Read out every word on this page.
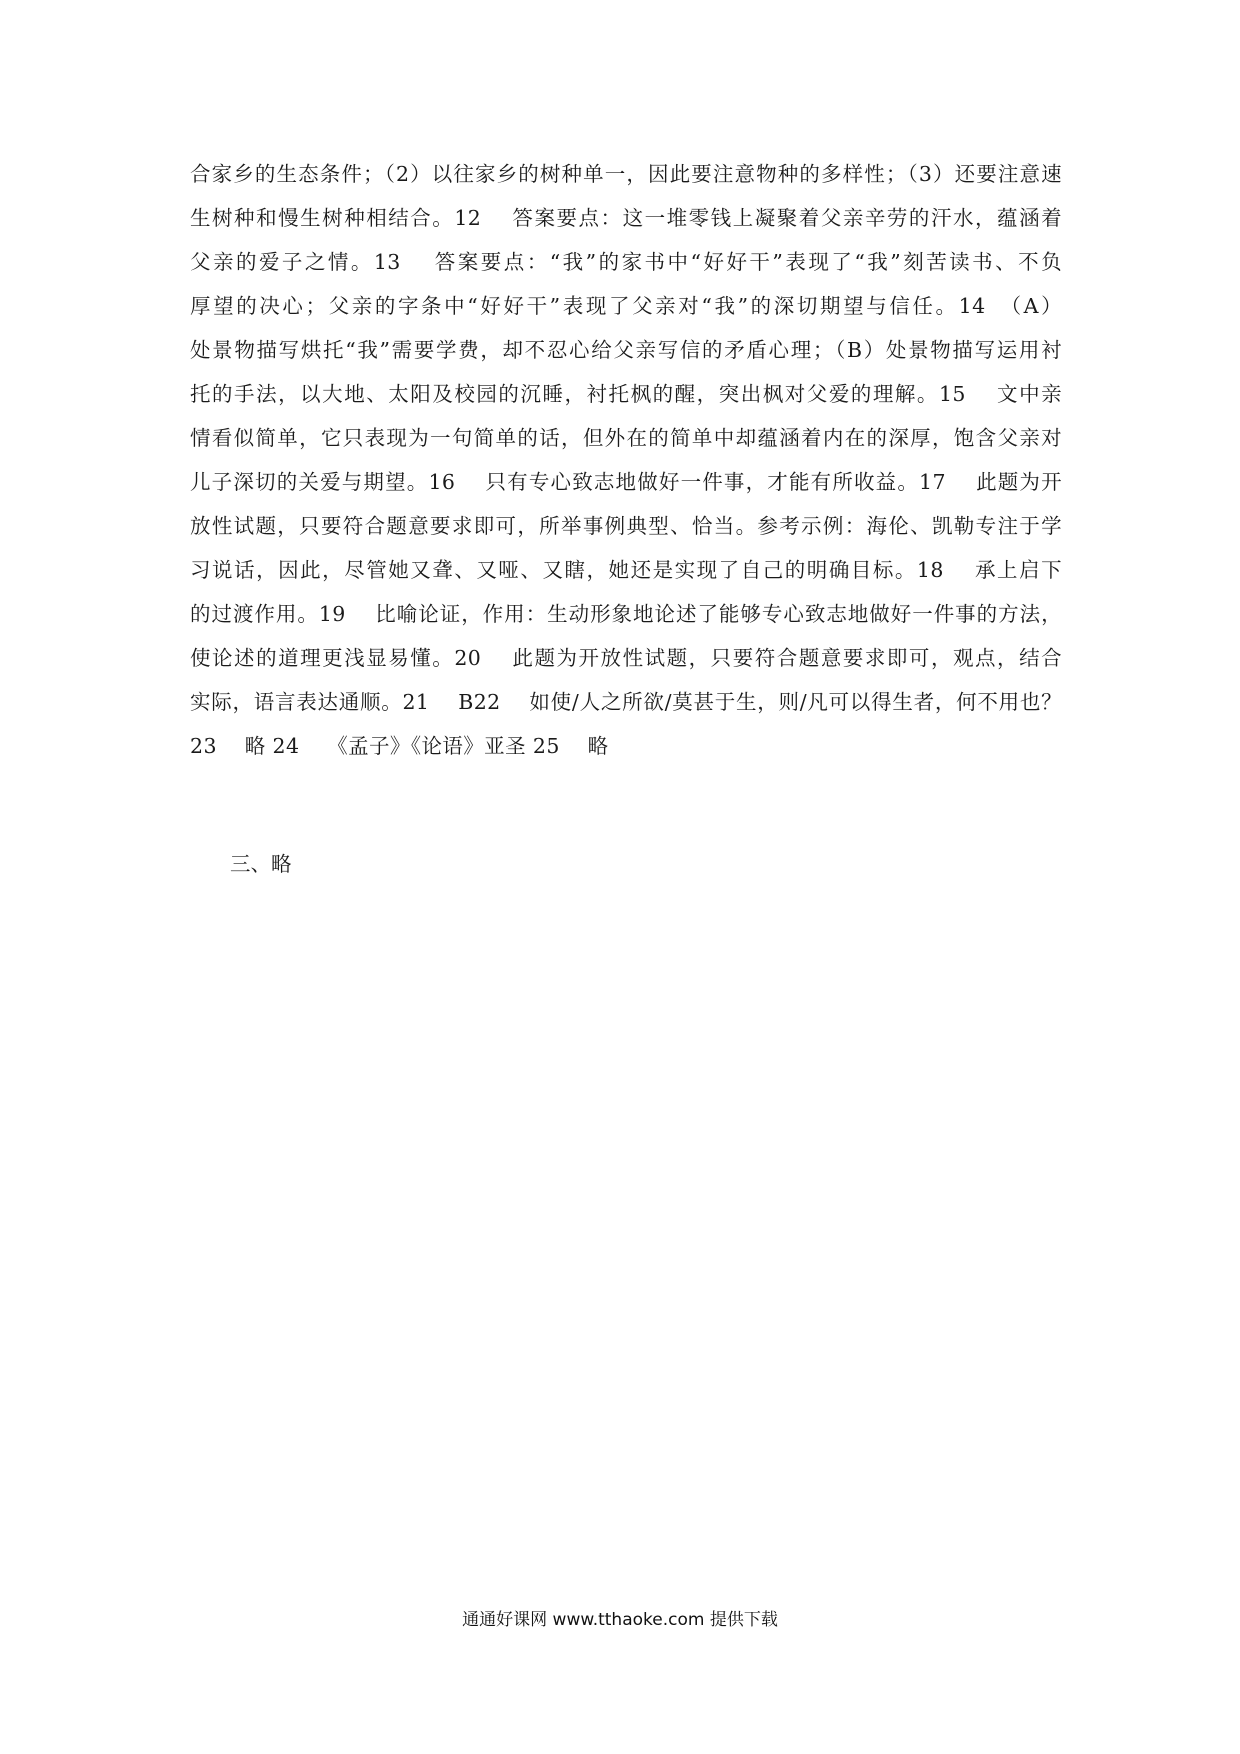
合家乡的生态条件；（2）以往家乡的树种单一，因此要注意物种的多样性；（3）还要注意速
生树种和慢生树种相结合。12　 答案要点：这一堆零钱上凝聚着父亲辛劳的汗水，蕴涵着
父亲的爱子之情。13　 答案要点：“我”的家书中“好好干”表现了“我”刻苦读书、不负
厚望的决心；父亲的字条中“好好干”表现了父亲对“我”的深切期望与信任。14　（A）
处景物描写烘托“我”需要学费，却不忍心给父亲写信的矛盾心理；（B）处景物描写运用衬
托的手法，以大地、太阳及校园的沉睡，衬托枫的醒，突出枫对父爱的理解。15　 文中亲
情看似简单，它只表现为一句简单的话，但外在的简单中却蕴涵着内在的深厚，饱含父亲对
儿子深切的关爱与期望。16　 只有专心致志地做好一件事，才能有所收益。17　 此题为开
放性试题，只要符合题意要求即可，所举事例典型、恰当。参考示例：海伦、凯勒专注于学
习说话，因此，尽管她又聋、又哑、又瞎，她还是实现了自己的明确目标。18　 承上启下
的过渡作用。19　 比喻论证，作用：生动形象地论述了能够专心致志地做好一件事的方法，
使论述的道理更浅显易懂。20　 此题为开放性试题，只要符合题意要求即可，观点，结合
实际，语言表达通顺。21　 B22　 如使/人之所欲/莫甚于生，则/凡可以得生者，何不用也？
23　 略 24　 《孟子》《论语》亚圣 25　 略
三、略
通通好课网 www.tthaoke.com 提供下载
